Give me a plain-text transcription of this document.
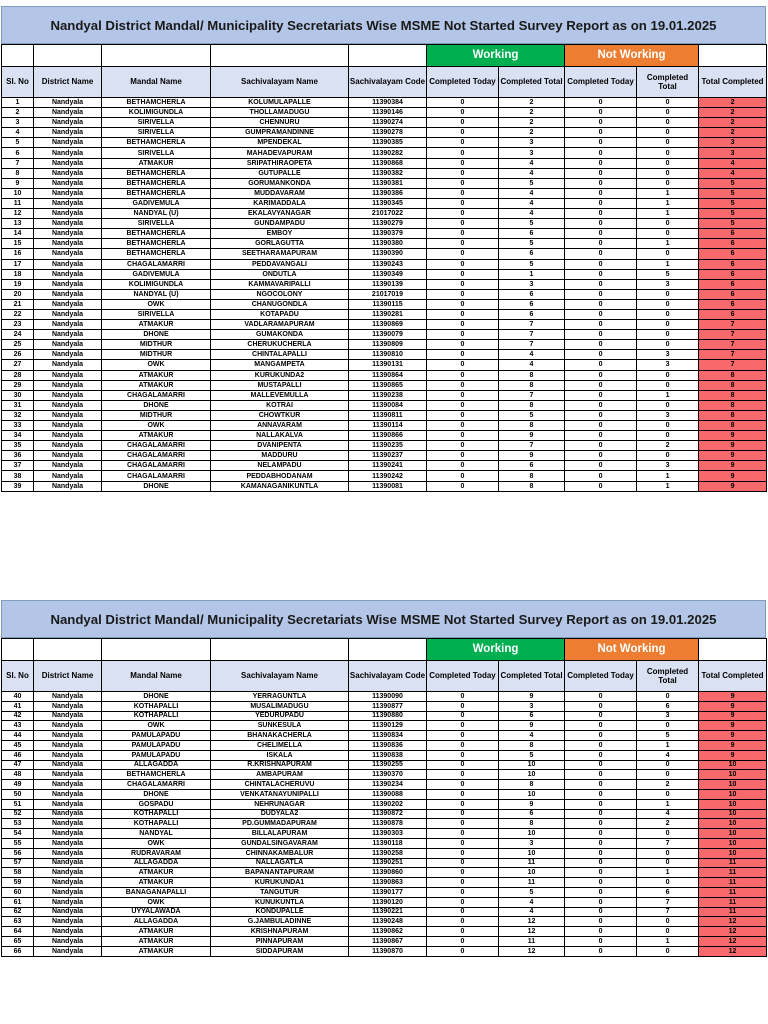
Nandyal District Mandal/ Municipality Secretariats Wise MSME Not Started Survey Report as on 19.01.2025
					Working		Not Working		
Sl. No	District Name	Mandal Name	Sachivalayam Name	Sachivalayam Code	Completed Today	Completed Total	Completed Today	Completed Total	Total Completed
1	Nandyala	BETHAMCHERLA	KOLUMULAPALLE	11390384	0	2	0	0	2
2	Nandyala	KOLIMIGUNDLA	THOLLAMADUGU	11390146	0	2	0	0	2
3	Nandyala	SIRIVELLA	CHENNURU	11390274	0	2	0	0	2
4	Nandyala	SIRIVELLA	GUMPRAMANDINNE	11390278	0	2	0	0	2
5	Nandyala	BETHAMCHERLA	MPENDEKAL	11390385	0	3	0	0	3
6	Nandyala	SIRIVELLA	MAHADEVAPURAM	11390282	0	3	0	0	3
7	Nandyala	ATMAKUR	SRIPATHIRAOPETA	11390868	0	4	0	0	4
8	Nandyala	BETHAMCHERLA	GUTUPALLE	11390382	0	4	0	0	4
9	Nandyala	BETHAMCHERLA	GORUMANKONDA	11390381	0	5	0	0	5
10	Nandyala	BETHAMCHERLA	MUDDAVARAM	11390386	0	4	0	1	5
11	Nandyala	GADIVEMULA	KARIMADDALA	11390345	0	4	0	1	5
12	Nandyala	NANDYAL (U)	EKALAVYANAGAR	21017022	0	4	0	1	5
13	Nandyala	SIRIVELLA	GUNDAMPADU	11390279	0	5	0	0	5
14	Nandyala	BETHAMCHERLA	EMBOY	11390379	0	6	0	0	6
15	Nandyala	BETHAMCHERLA	GORLAGUTTA	11390380	0	5	0	1	6
16	Nandyala	BETHAMCHERLA	SEETHARAMAPURAM	11390390	0	6	0	0	6
17	Nandyala	CHAGALAMARRI	PEDDAVANGALI	11390243	0	5	0	1	6
18	Nandyala	GADIVEMULA	ONDUTLA	11390349	0	1	0	5	6
19	Nandyala	KOLIMIGUNDLA	KAMMAVARIPALLI	11390139	0	3	0	3	6
20	Nandyala	NANDYAL (U)	NGOCOLONY	21017019	0	6	0	0	6
21	Nandyala	OWK	CHANUGONDLA	11390115	0	6	0	0	6
22	Nandyala	SIRIVELLA	KOTAPADU	11390281	0	6	0	0	6
23	Nandyala	ATMAKUR	VADLARAMAPURAM	11390869	0	7	0	0	7
24	Nandyala	DHONE	GUMAKONDA	11390079	0	7	0	0	7
25	Nandyala	MIDTHUR	CHERUKUCHERLA	11390809	0	7	0	0	7
26	Nandyala	MIDTHUR	CHINTALAPALLI	11390810	0	4	0	3	7
27	Nandyala	OWK	MANGAMPETA	11390131	0	4	0	3	7
28	Nandyala	ATMAKUR	KURUKUNDA2	11390864	0	8	0	0	8
29	Nandyala	ATMAKUR	MUSTAPALLI	11390865	0	8	0	0	8
30	Nandyala	CHAGALAMARRI	MALLEVEMULLA	11390238	0	7	0	1	8
31	Nandyala	DHONE	KOTRAI	11390084	0	8	0	0	8
32	Nandyala	MIDTHUR	CHOWTKUR	11390811	0	5	0	3	8
33	Nandyala	OWK	ANNAVARAM	11390114	0	8	0	0	8
34	Nandyala	ATMAKUR	NALLAKALVA	11390866	0	9	0	0	9
35	Nandyala	CHAGALAMARRI	DVANIPENTA	11390235	0	7	0	2	9
36	Nandyala	CHAGALAMARRI	MADDURU	11390237	0	9	0	0	9
37	Nandyala	CHAGALAMARRI	NELAMPADU	11390241	0	6	0	3	9
38	Nandyala	CHAGALAMARRI	PEDDABHODANAM	11390242	0	8	0	1	9
39	Nandyala	DHONE	KAMANAGANIKUNTLA	11390081	0	8	0	1	9
Nandyal District Mandal/ Municipality Secretariats Wise MSME Not Started Survey Report as on 19.01.2025
					Working		Not Working		
Sl. No	District Name	Mandal Name	Sachivalayam Name	Sachivalayam Code	Completed Today	Completed Total	Completed Today	Completed Total	Total Completed
40	Nandyala	DHONE	YERRAGUNTLA	11390090	0	9	0	0	9
41	Nandyala	KOTHAPALLI	MUSALIMADUGU	11390877	0	3	0	6	9
42	Nandyala	KOTHAPALLI	YEDURUPADU	11390880	0	6	0	3	9
43	Nandyala	OWK	SUNKESULA	11390129	0	9	0	0	9
44	Nandyala	PAMULAPADU	BHANAKACHERLA	11390834	0	4	0	5	9
45	Nandyala	PAMULAPADU	CHELIMELLA	11390836	0	8	0	1	9
46	Nandyala	PAMULAPADU	ISKALA	11390838	0	5	0	4	9
47	Nandyala	ALLAGADDA	R.KRISHNAPURAM	11390255	0	10	0	0	10
48	Nandyala	BETHAMCHERLA	AMBAPURAM	11390370	0	10	0	0	10
49	Nandyala	CHAGALAMARRI	CHINTALACHERUVU	11390234	0	8	0	2	10
50	Nandyala	DHONE	VENKATANAYUNIPALLI	11390088	0	10	0	0	10
51	Nandyala	GOSPADU	NEHRUNAGAR	11390202	0	9	0	1	10
52	Nandyala	KOTHAPALLI	DUDYALA2	11390872	0	6	0	4	10
53	Nandyala	KOTHAPALLI	PD.GUMMADAPURAM	11390878	0	8	0	2	10
54	Nandyala	NANDYAL	BILLALAPURAM	11390303	0	10	0	0	10
55	Nandyala	OWK	GUNDALSINGAVARAM	11390118	0	3	0	7	10
56	Nandyala	RUDRAVARAM	CHINNAKAMBALUR	11390258	0	10	0	0	10
57	Nandyala	ALLAGADDA	NALLAGATLA	11390251	0	11	0	0	11
58	Nandyala	ATMAKUR	BAPANANTAPURAM	11390860	0	10	0	1	11
59	Nandyala	ATMAKUR	KURUKUNDA1	11390863	0	11	0	0	11
60	Nandyala	BANAGANAPALLI	TANGUTUR	11390177	0	5	0	6	11
61	Nandyala	OWK	KUNUKUNTLA	11390120	0	4	0	7	11
62	Nandyala	UYYALAWADA	KONDUPALLE	11390221	0	4	0	7	11
63	Nandyala	ALLAGADDA	G.JAMBULADINNE	11390248	0	12	0	0	12
64	Nandyala	ATMAKUR	KRISHNAPURAM	11390862	0	12	0	0	12
65	Nandyala	ATMAKUR	PINNAPURAM	11390867	0	11	0	1	12
66	Nandyala	ATMAKUR	SIDDAPURAM	11390870	0	12	0	0	12
